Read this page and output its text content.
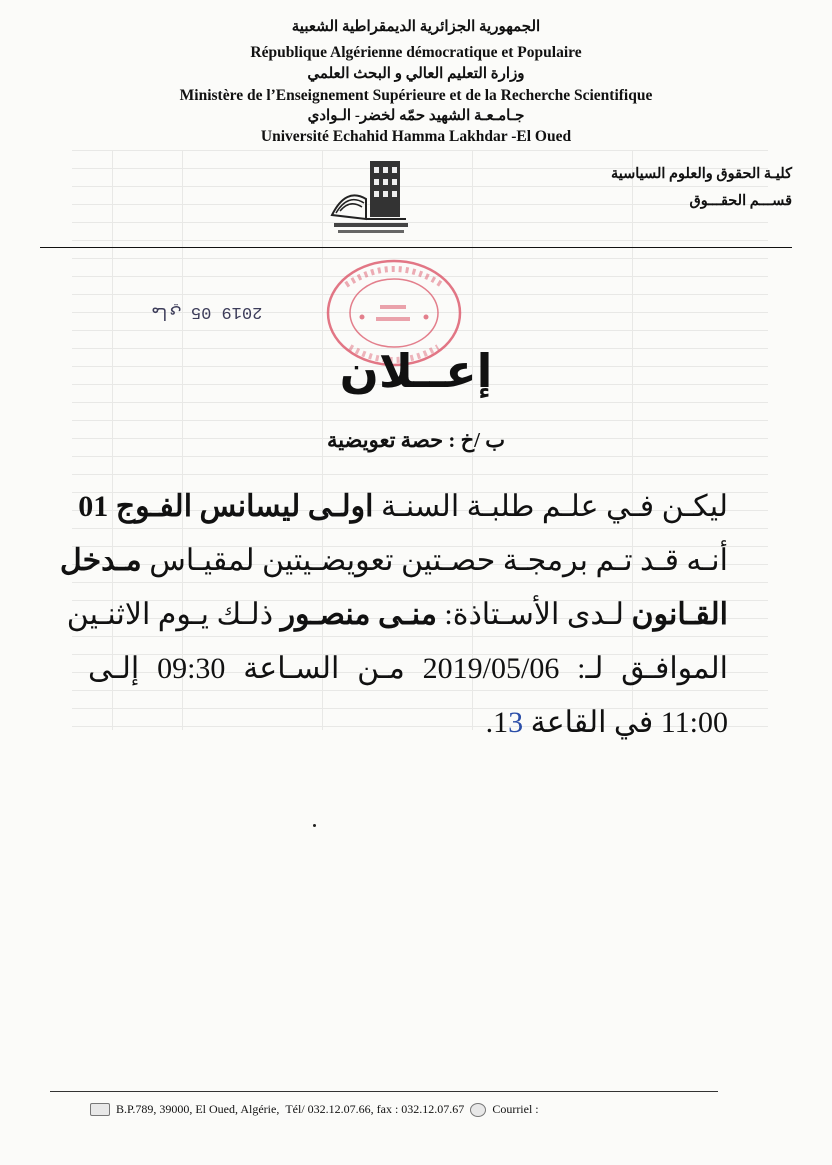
الجمهورية الجزائرية الديمقراطية الشعبية
République Algérienne démocratique et Populaire
وزارة التعليم العالي و البحث العلمي
Ministère de l’Enseignement Supérieure et de la Recherche Scientifique
جـامـعـة الشهيد حمّه لخضر- الـوادي
Université Echahid Hamma Lakhdar -El Oued
كليـة الحقوق والعلوم السياسية
قســـم الحقـــوق
2019 ماي 05
إعــلان
ب /خ : حصة تعويضية
ليكـن فـي علـم طلبـة السنـة اولـى ليسانس الفـوج 01
أنـه قـد تـم برمجـة حصـتين تعويضـيتين لمقيـاس مـدخل
القـانون لـدى الأسـتاذة: منـى منصـور ذلـك يـوم الاثنـين
الموافـق لـ: 2019/05/06 مـن السـاعة 09:30 إلـى
11:00 في القاعة 13.
B.P.789, 39000, El Oued, Algérie, Tél/ 032.12.07.66, fax : 032.12.07.67 Courriel :
